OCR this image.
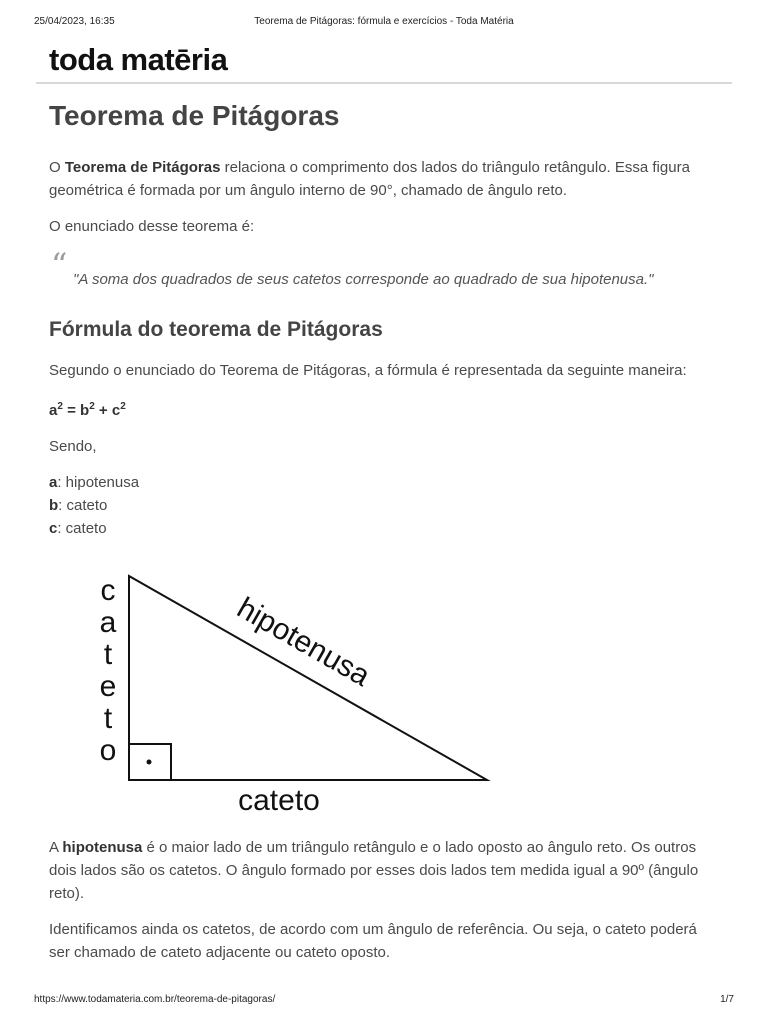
25/04/2023, 16:35	Teorema de Pitágoras: fórmula e exercícios - Toda Matéria
toda matēria
Teorema de Pitágoras

O Teorema de Pitágoras relaciona o comprimento dos lados do triângulo retângulo. Essa figura geométrica é formada por um ângulo interno de 90°, chamado de ângulo reto.

O enunciado desse teorema é:

“ "A soma dos quadrados de seus catetos corresponde ao quadrado de sua hipotenusa."
Fórmula do teorema de Pitágoras

Segundo o enunciado do Teorema de Pitágoras, a fórmula é representada da seguinte maneira:

$a^2 = b^2 + c^2$

Sendo,

a: hipotenusa
b: cateto
c: cateto
c
a
t
e
t
o
hipotenusa
cateto

A hipotenusa é o maior lado de um triângulo retângulo e o lado oposto ao ângulo reto. Os outros dois lados são os catetos. O ângulo formado por esses dois lados tem medida igual a 90º (ângulo reto).

Identificamos ainda os catetos, de acordo com um ângulo de referência. Ou seja, o cateto poderá ser chamado de cateto adjacente ou cateto oposto.

https://www.todamateria.com.br/teorema-de-pitagoras/	1/7
